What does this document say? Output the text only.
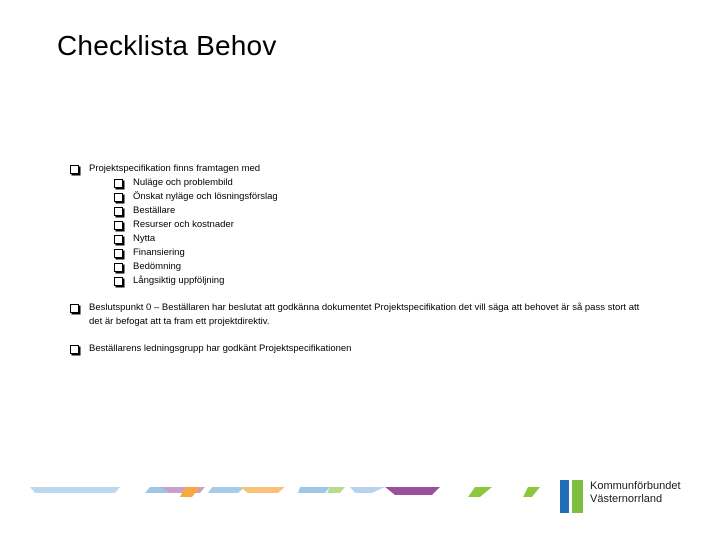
Checklista Behov
Projektspecifikation finns framtagen med
Nuläge och problembild
Önskat nyläge och lösningsförslag
Beställare
Resurser och kostnader
Nytta
Finansiering
Bedömning
Långsiktig uppföljning
Beslutspunkt 0 – Beställaren har beslutat att godkänna dokumentet Projektspecifikation det vill säga att behovet är så pass stort att
det är befogat att ta fram ett projektdirektiv.
Beställarens ledningsgrupp har godkänt Projektspecifikationen
Kommunförbundet
Västernorrland
